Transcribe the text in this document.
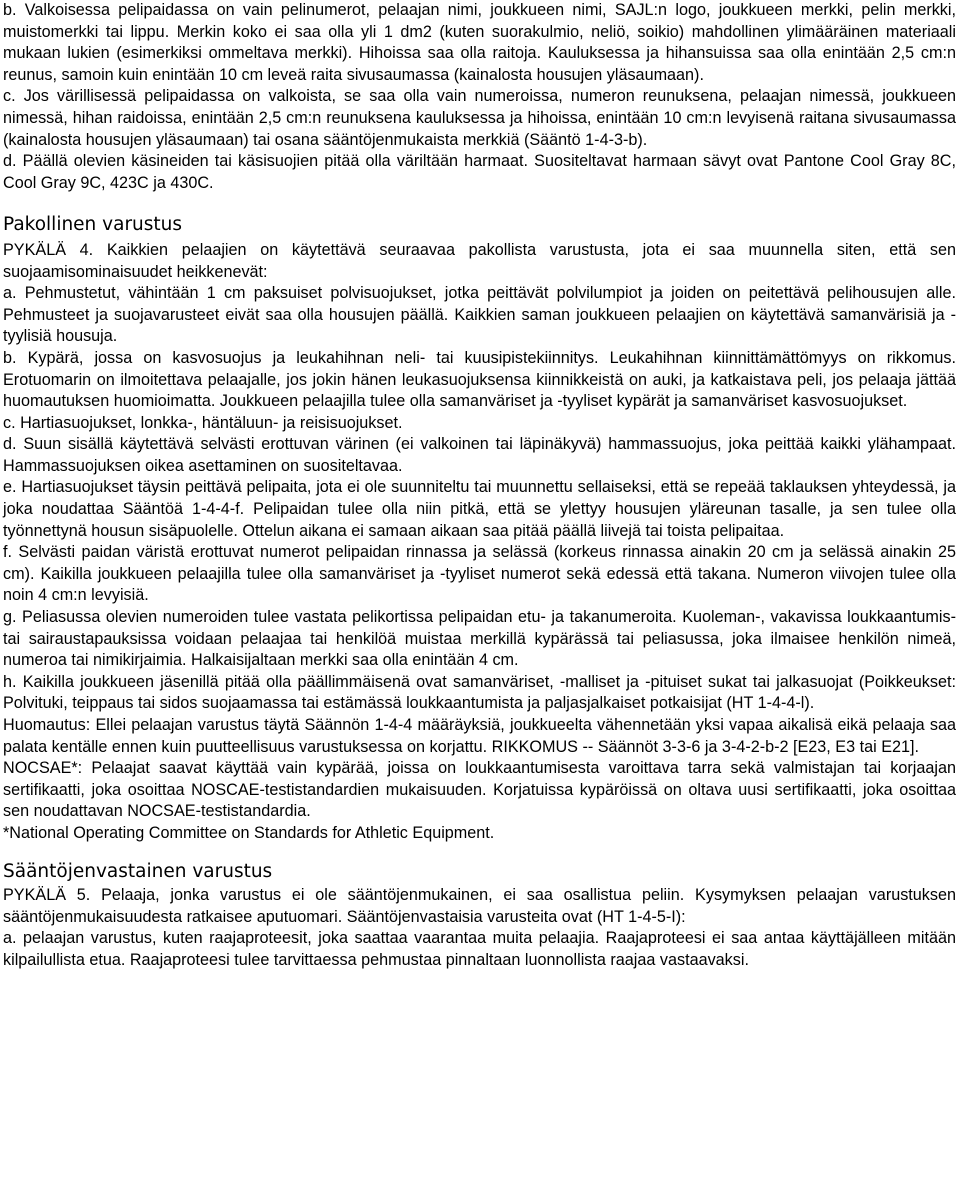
b. Valkoisessa pelipaidassa on vain pelinumerot, pelaajan nimi, joukkueen nimi, SAJL:n logo, joukkueen merkki, pelin merkki, muistomerkki tai lippu. Merkin koko ei saa olla yli 1 dm2 (kuten suorakulmio, neliö, soikio) mahdollinen ylimääräinen materiaali mukaan lukien (esimerkiksi ommeltava merkki). Hihoissa saa olla raitoja. Kauluksessa ja hihansuissa saa olla enintään 2,5 cm:n reunus, samoin kuin enintään 10 cm leveä raita sivusaumassa (kainalosta housujen yläsaumaan).

c. Jos värillisessä pelipaidassa on valkoista, se saa olla vain numeroissa, numeron reunuksena, pelaajan nimessä, joukkueen nimessä, hihan raidoissa, enintään 2,5 cm:n reunuksena kauluksessa ja hihoissa, enintään 10 cm:n levyisenä raitana sivusaumassa (kainalosta housujen yläsaumaan) tai osana sääntöjenmukaista merkkiä (Sääntö 1-4-3-b).

d. Päällä olevien käsineiden tai käsisuojien pitää olla väriltään harmaat. Suositeltavat harmaan sävyt ovat Pantone Cool Gray 8C, Cool Gray 9C, 423C ja 430C.

Pakollinen varustus

PYKÄLÄ 4. Kaikkien pelaajien on käytettävä seuraavaa pakollista varustusta, jota ei saa muunnella siten, että sen suojaamisominaisuudet heikkenevät:

a. Pehmustetut, vähintään 1 cm paksuiset polvisuojukset, jotka peittävät polvilumpiot ja joiden on peitettävä pelihousujen alle. Pehmusteet ja suojavarusteet eivät saa olla housujen päällä. Kaikkien saman joukkueen pelaajien on käytettävä samanvärisiä ja -tyylisiä housuja.

b. Kypärä, jossa on kasvosuojus ja leukahihnan neli- tai kuusipistekiinnitys. Leukahihnan kiinnittämättömyys on rikkomus. Erotuomarin on ilmoitettava pelaajalle, jos jokin hänen leukasuojuksensa kiinnikkeistä on auki, ja katkaistava peli, jos pelaaja jättää huomautuksen huomioimatta. Joukkueen pelaajilla tulee olla samanväriset ja -tyyliset kypärät ja samanväriset kasvosuojukset.

c. Hartiasuojukset, lonkka-, häntäluun- ja reisisuojukset.

d. Suun sisällä käytettävä selvästi erottuvan värinen (ei valkoinen tai läpinäkyvä) hammassuojus, joka peittää kaikki ylähampaat. Hammassuojuksen oikea asettaminen on suositeltavaa.

e. Hartiasuojukset täysin peittävä pelipaita, jota ei ole suunniteltu tai muunnettu sellaiseksi, että se repeää taklauksen yhteydessä, ja joka noudattaa Sääntöä 1-4-4-f. Pelipaidan tulee olla niin pitkä, että se ylettyy housujen yläreunan tasalle, ja sen tulee olla työnnettynä housun sisäpuolelle. Ottelun aikana ei samaan aikaan saa pitää päällä liivejä tai toista pelipaitaa.

f. Selvästi paidan väristä erottuvat numerot pelipaidan rinnassa ja selässä (korkeus rinnassa ainakin 20 cm ja selässä ainakin 25 cm). Kaikilla joukkueen pelaajilla tulee olla samanväriset ja -tyyliset numerot sekä edessä että takana. Numeron viivojen tulee olla noin 4 cm:n levyisiä.

g. Peliasussa olevien numeroiden tulee vastata pelikortissa pelipaidan etu- ja takanumeroita. Kuoleman-, vakavissa loukkaantumis- tai sairaustapauksissa voidaan pelaajaa tai henkilöä muistaa merkillä kypärässä tai peliasussa, joka ilmaisee henkilön nimeä, numeroa tai nimikirjaimia. Halkaisijaltaan merkki saa olla enintään 4 cm.

h. Kaikilla joukkueen jäsenillä pitää olla päällimmäisenä ovat samanväriset, -malliset ja -pituiset sukat tai jalkasuojat (Poikkeukset: Polvituki, teippaus tai sidos suojaamassa tai estämässä loukkaantumista ja paljasjalkaiset potkaisijat (HT 1-4-4-l).

Huomautus: Ellei pelaajan varustus täytä Säännön 1-4-4 määräyksiä, joukkueelta vähennetään yksi vapaa aikalisä eikä pelaaja saa palata kentälle ennen kuin puutteellisuus varustuksessa on korjattu. RIKKOMUS -- Säännöt 3-3-6 ja 3-4-2-b-2 [E23, E3 tai E21].

NOCSAE*: Pelaajat saavat käyttää vain kypärää, joissa on loukkaantumisesta varoittava tarra sekä valmistajan tai korjaajan sertifikaatti, joka osoittaa NOSCAE-testistandardien mukaisuuden. Korjatuissa kypäröissä on oltava uusi sertifikaatti, joka osoittaa sen noudattavan NOCSAE-testistandardia.

*National Operating Committee on Standards for Athletic Equipment.

Sääntöjenvastainen varustus

PYKÄLÄ 5. Pelaaja, jonka varustus ei ole sääntöjenmukainen, ei saa osallistua peliin. Kysymyksen pelaajan varustuksen sääntöjenmukaisuudesta ratkaisee aputuomari. Sääntöjenvastaisia varusteita ovat (HT 1-4-5-I):

a. pelaajan varustus, kuten raajaproteesit, joka saattaa vaarantaa muita pelaajia. Raajaproteesi ei saa antaa käyttäjälleen mitään kilpailullista etua. Raajaproteesi tulee tarvittaessa pehmustaa pinnaltaan luonnollista raajaa vastaavaksi.
